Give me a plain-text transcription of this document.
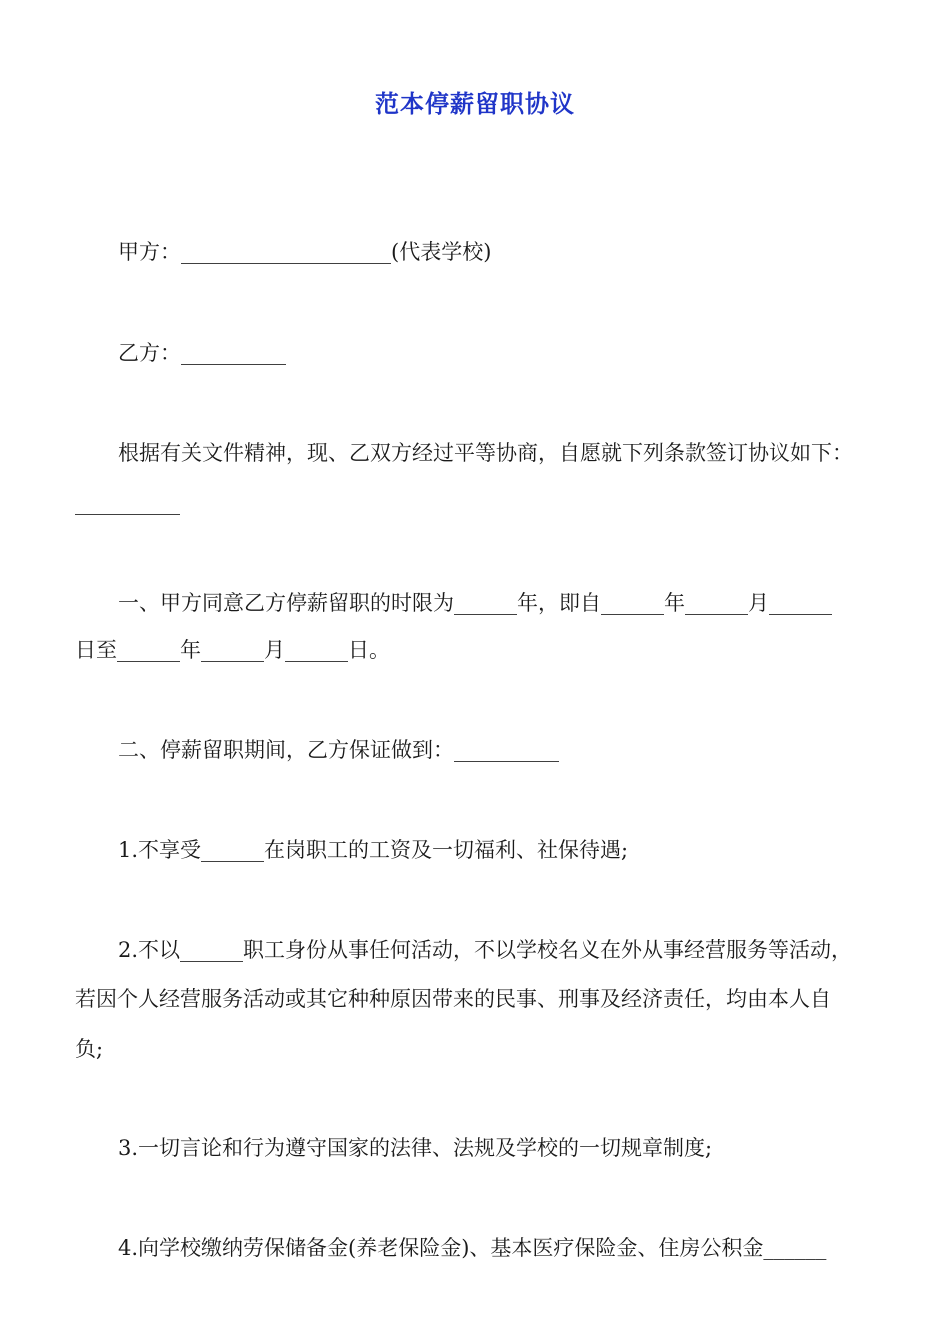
范本停薪留职协议
甲方：____________________(代表学校)
乙方：__________
根据有关文件精神，现、乙双方经过平等协商，自愿就下列条款签订协议如下：
__________
一、甲方同意乙方停薪留职的时限为______年，即自______年______月______
日至______年______月______日。
二、停薪留职期间，乙方保证做到：__________
1.不享受______在岗职工的工资及一切福利、社保待遇;
2.不以______职工身份从事任何活动，不以学校名义在外从事经营服务等活动，
若因个人经营服务活动或其它种种原因带来的民事、刑事及经济责任，均由本人自
负;
3.一切言论和行为遵守国家的法律、法规及学校的一切规章制度;
4.向学校缴纳劳保储备金(养老保险金)、基本医疗保险金、住房公积金______
